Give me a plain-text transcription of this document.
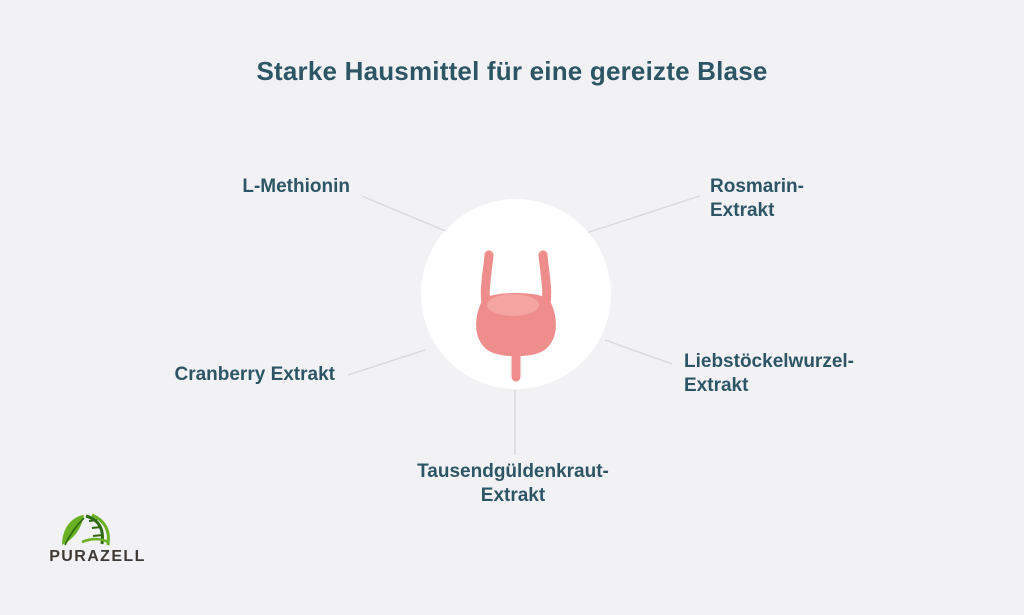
Starke Hausmittel für eine gereizte Blase
L-Methionin	Rosmarin-
Extrakt
Cranberry Extrakt
Liebstöckelwurzel-
Extrakt
Tausendgüldenkraut-
Extrakt
PURAZELL
